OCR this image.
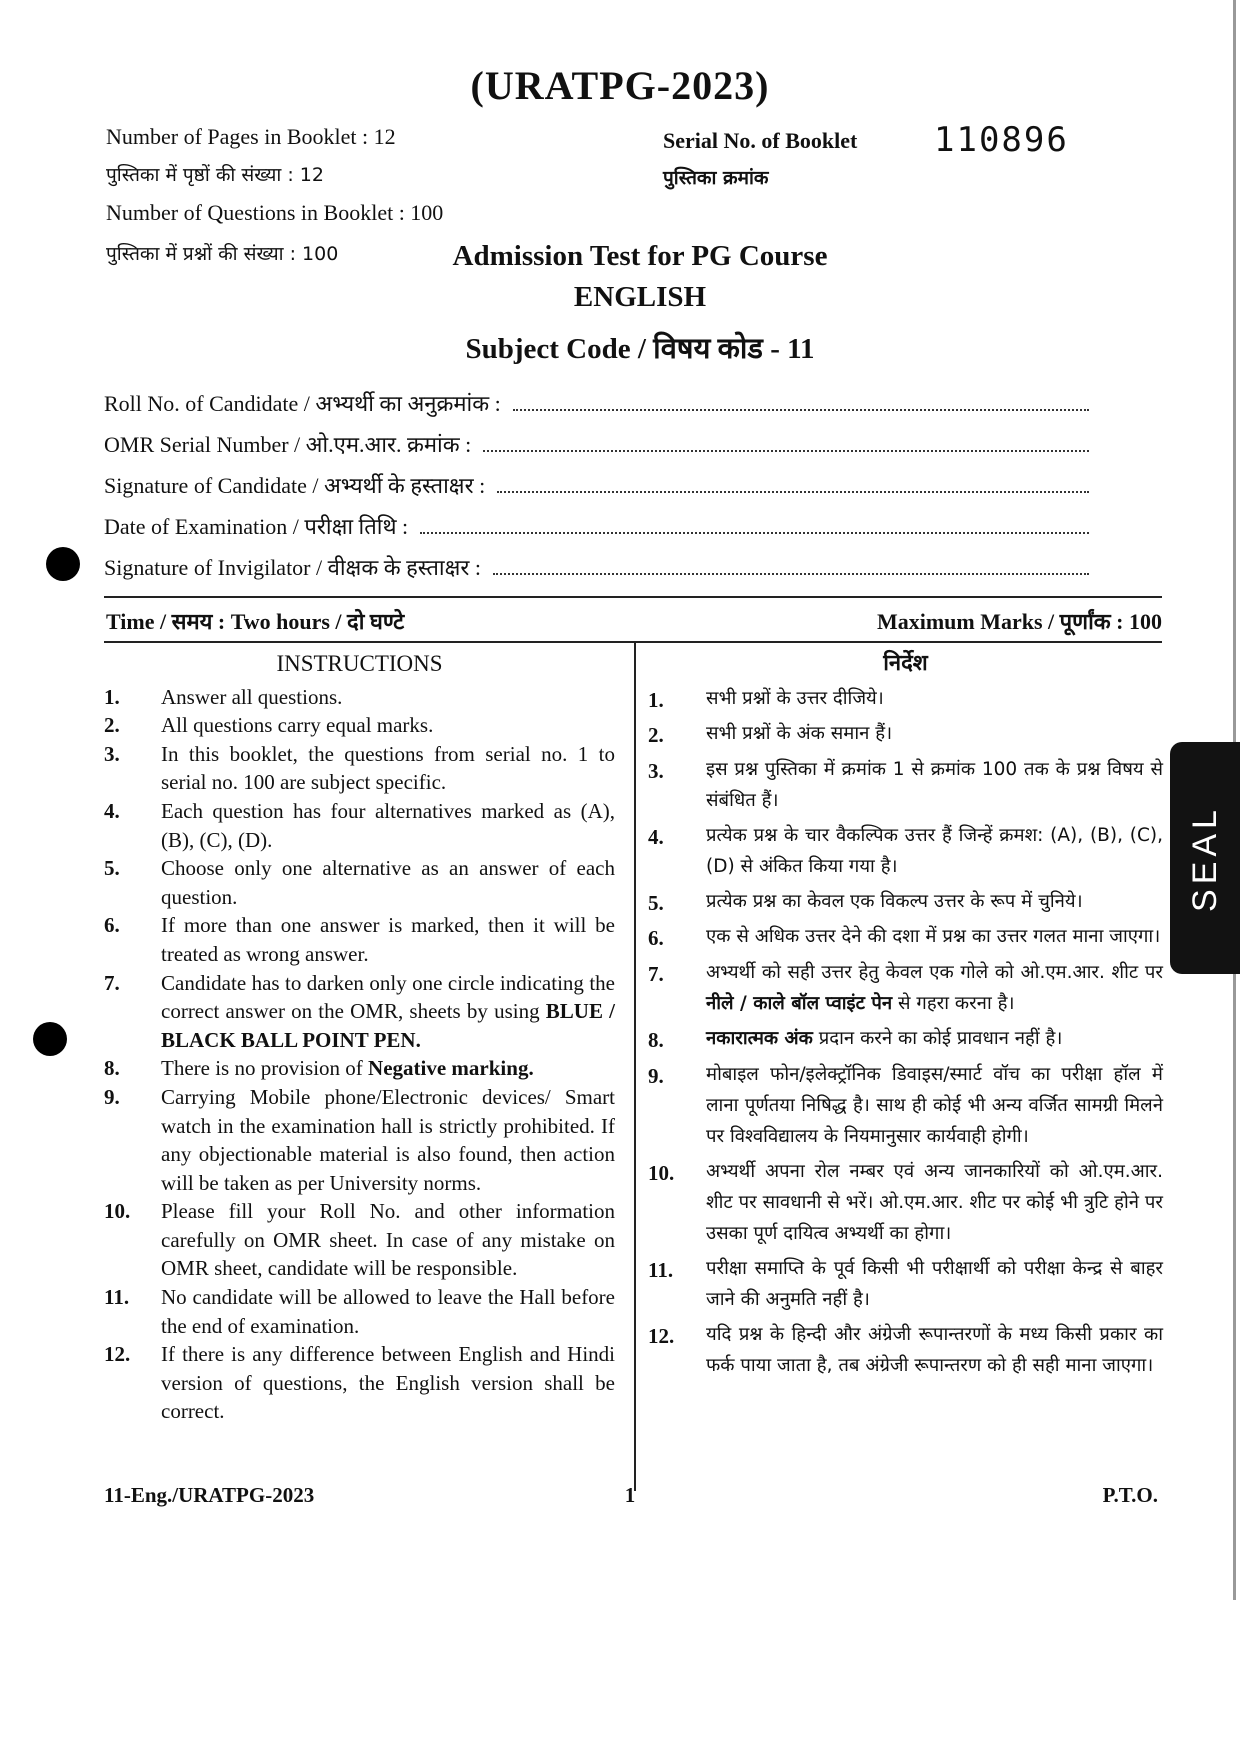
(URATPG-2023)
Number of Pages in Booklet : 12
पुस्तिका में पृष्ठों की संख्या : 12
Number of Questions in Booklet : 100
पुस्तिका में प्रश्नों की संख्या : 100
Serial No. of Booklet
पुस्तिका क्रमांक
110896
Admission Test for PG Course
ENGLISH
Subject Code / विषय कोड - 11
Roll No. of Candidate / अभ्यर्थी का अनुक्रमांक :
OMR Serial Number / ओ.एम.आर. क्रमांक :
Signature of Candidate / अभ्यर्थी के हस्ताक्षर :
Date of Examination / परीक्षा तिथि :
Signature of Invigilator / वीक्षक के हस्ताक्षर :
Time / समय : Two hours / दो घण्टे	Maximum Marks / पूर्णांक : 100
INSTRUCTIONS
1.	Answer all questions.
2.	All questions carry equal marks.
3.	In this booklet, the questions from serial no. 1 to serial no. 100 are subject specific.
4.	Each question has four alternatives marked as (A), (B), (C), (D).
5.	Choose only one alternative as an answer of each question.
6.	If more than one answer is marked, then it will be treated as wrong answer.
7.	Candidate has to darken only one circle indicating the correct answer on the OMR, sheets by using BLUE / BLACK BALL POINT PEN.
8.	There is no provision of Negative marking.
9.	Carrying Mobile phone/Electronic devices/ Smart watch in the examination hall is strictly prohibited. If any objectionable material is also found, then action will be taken as per University norms.
10.	Please fill your Roll No. and other information carefully on OMR sheet. In case of any mistake on OMR sheet, candidate will be responsible.
11.	No candidate will be allowed to leave the Hall before the end of examination.
12.	If there is any difference between English and Hindi version of questions, the English version shall be correct.
निर्देश
1.	सभी प्रश्नों के उत्तर दीजिये।
2.	सभी प्रश्नों के अंक समान हैं।
3.	इस प्रश्न पुस्तिका में क्रमांक 1 से क्रमांक 100 तक के प्रश्न विषय से संबंधित हैं।
4.	प्रत्येक प्रश्न के चार वैकल्पिक उत्तर हैं जिन्हें क्रमश: (A), (B), (C), (D) से अंकित किया गया है।
5.	प्रत्येक प्रश्न का केवल एक विकल्प उत्तर के रूप में चुनिये।
6.	एक से अधिक उत्तर देने की दशा में प्रश्न का उत्तर गलत माना जाएगा।
7.	अभ्यर्थी को सही उत्तर हेतु केवल एक गोले को ओ.एम.आर. शीट पर नीले / काले बॉल प्वाइंट पेन से गहरा करना है।
8.	नकारात्मक अंक प्रदान करने का कोई प्रावधान नहीं है।
9.	मोबाइल फोन/इलेक्ट्रॉनिक डिवाइस/स्मार्ट वॉच का परीक्षा हॉल में लाना पूर्णतया निषिद्ध है। साथ ही कोई भी अन्य वर्जित सामग्री मिलने पर विश्वविद्यालय के नियमानुसार कार्यवाही होगी।
10.	अभ्यर्थी अपना रोल नम्बर एवं अन्य जानकारियों को ओ.एम.आर. शीट पर सावधानी से भरें। ओ.एम.आर. शीट पर कोई भी त्रुटि होने पर उसका पूर्ण दायित्व अभ्यर्थी का होगा।
11.	परीक्षा समाप्ति के पूर्व किसी भी परीक्षार्थी को परीक्षा केन्द्र से बाहर जाने की अनुमति नहीं है।
12.	यदि प्रश्न के हिन्दी और अंग्रेजी रूपान्तरणों के मध्य किसी प्रकार का फर्क पाया जाता है, तब अंग्रेजी रूपान्तरण को ही सही माना जाएगा।
SEAL
11-Eng./URATPG-2023	1	P.T.O.
